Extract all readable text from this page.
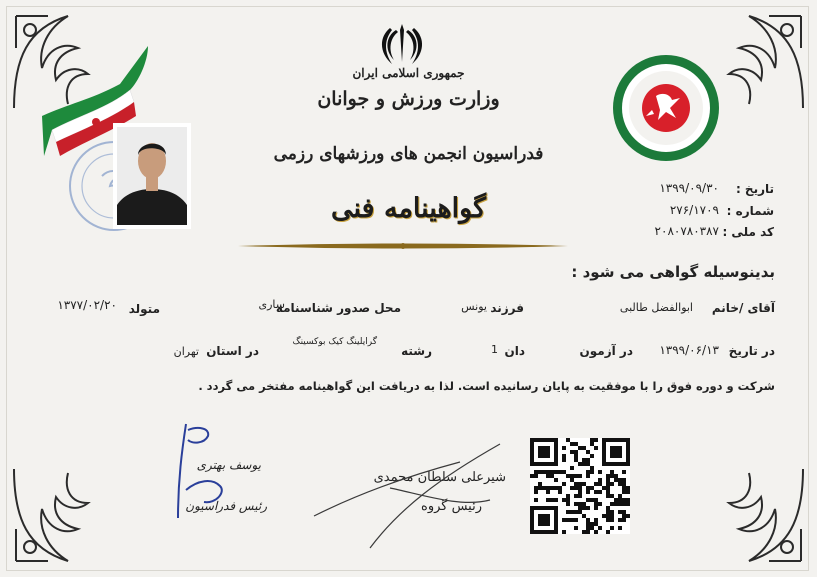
جمهوری اسلامی ایران
وزارت ورزش و جوانان
فدراسیون انجمن های ورزشهای رزمی
گواهینامه فنی
تاریخ :
۱۳۹۹/۰۹/۳۰
شماره :
۲۷۶/۱۷۰۹
کد ملی :
۲۰۸۰۷۸۰۳۸۷
بدینوسیله گواهی می شود :
آقای /خانم
ابوالفضل طالبی
فرزند
یونس
محل صدور شناسنامه
ساری
متولد
۱۳۷۷/۰۲/۲۰
در تاریخ
۱۳۹۹/۰۶/۱۳
در آزمون
دان
1
رشته
گرایلینگ کیک بوکسینگ
در استان
تهران
شرکت و دوره فوق را با موفقیت به پایان رسانیده است. لذا به دریافت این گواهینامه مفتخر می گردد .
یوسف بهتری
رئیس فدراسیون
شیرعلی سلطان محمدی
رئیس گروه
